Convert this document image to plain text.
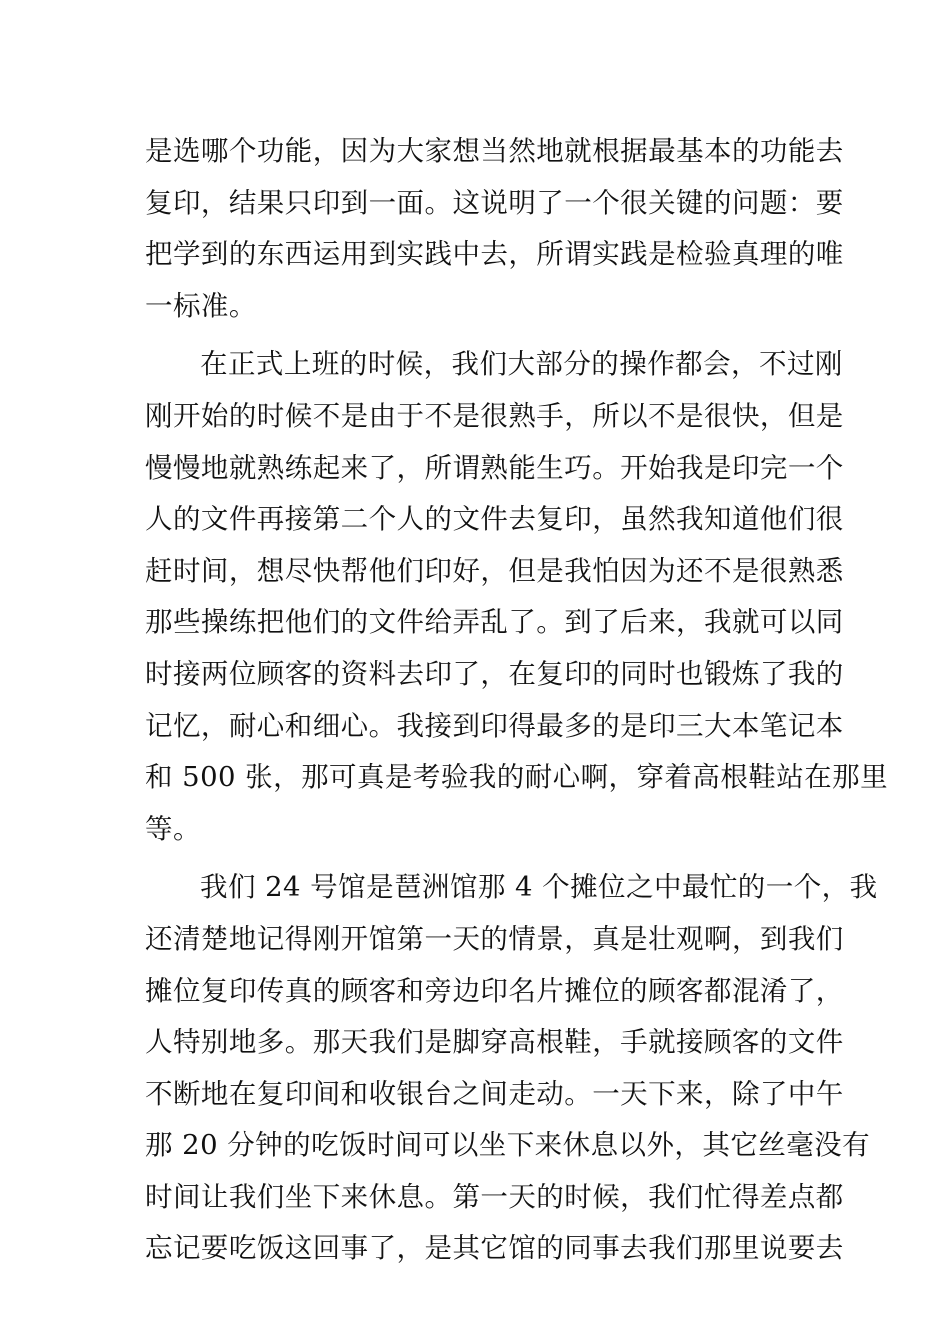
是选哪个功能，因为大家想当然地就根据最基本的功能去
复印，结果只印到一面。这说明了一个很关键的问题：要
把学到的东西运用到实践中去，所谓实践是检验真理的唯
一标准。
在正式上班的时候，我们大部分的操作都会，不过刚
刚开始的时候不是由于不是很熟手，所以不是很快，但是
慢慢地就熟练起来了，所谓熟能生巧。开始我是印完一个
人的文件再接第二个人的文件去复印，虽然我知道他们很
赶时间，想尽快帮他们印好，但是我怕因为还不是很熟悉
那些操练把他们的文件给弄乱了。到了后来，我就可以同
时接两位顾客的资料去印了，在复印的同时也锻炼了我的
记忆，耐心和细心。我接到印得最多的是印三大本笔记本
和 500 张，那可真是考验我的耐心啊，穿着高根鞋站在那里
等。
我们 24 号馆是琶洲馆那 4 个摊位之中最忙的一个，我
还清楚地记得刚开馆第一天的情景，真是壮观啊，到我们
摊位复印传真的顾客和旁边印名片摊位的顾客都混淆了，
人特别地多。那天我们是脚穿高根鞋，手就接顾客的文件
不断地在复印间和收银台之间走动。一天下来，除了中午
那 20 分钟的吃饭时间可以坐下来休息以外，其它丝毫没有
时间让我们坐下来休息。第一天的时候，我们忙得差点都
忘记要吃饭这回事了，是其它馆的同事去我们那里说要去
